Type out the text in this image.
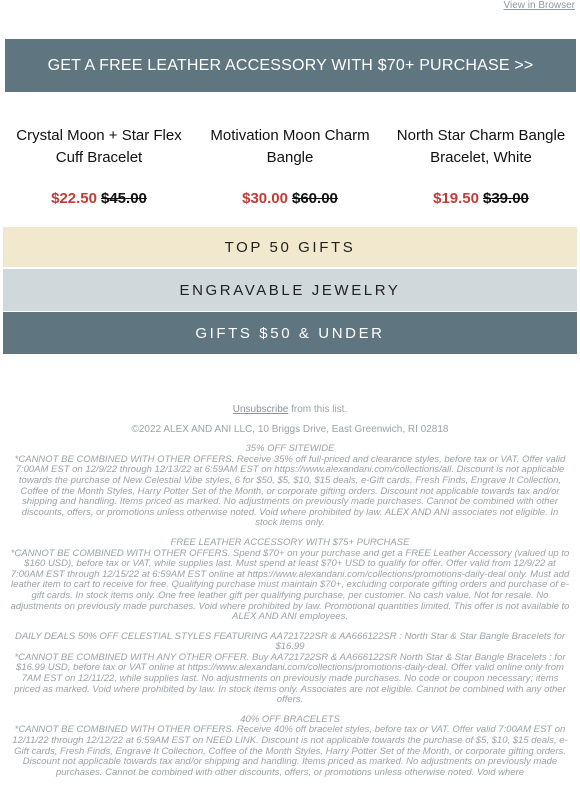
View in Browser
GET A FREE LEATHER ACCESSORY WITH $70+ PURCHASE >>
Crystal Moon + Star Flex Cuff Bracelet
$22.50 $45.00
Motivation Moon Charm Bangle
$30.00 $60.00
North Star Charm Bangle Bracelet, White
$19.50 $39.00
TOP 50 GIFTS
ENGRAVABLE JEWELRY
GIFTS $50 & UNDER

Unsubscribe from this list.

©2022 ALEX AND ANI LLC, 10 Briggs Drive, East Greenwich, RI 02818

35% OFF SITEWIDE
*CANNOT BE COMBINED WITH OTHER OFFERS. Receive 35% off full-priced and clearance styles, before tax or VAT. Offer valid 7:00AM EST on 12/9/22 through 12/13/22 at 6:59AM EST on https://www.alexandani.com/collections/all. Discount is not applicable towards the purchase of New Celestial Vibe styles, 6 for $50, $5, $10, $15 deals, e-Gift cards, Fresh Finds, Engrave It Collection, Coffee of the Month Styles, Harry Potter Set of the Month, or corporate gifting orders. Discount not applicable towards tax and/or shipping and handling. Items priced as marked. No adjustments on previously made purchases. Cannot be combined with other discounts, offers, or promotions unless otherwise noted. Void where prohibited by law. ALEX AND ANI associates not eligible. In stock items only.
FREE LEATHER ACCESSORY WITH $75+ PURCHASE
*CANNOT BE COMBINED WITH OTHER OFFERS. Spend $70+ on your purchase and get a FREE Leather Accessory (valued up to $160 USD), before tax or VAT, while supplies last. Must spend at least $70+ USD to qualify for offer. Offer valid from 12/9/22 at 7:00AM EST through 12/15/22 at 6:59AM EST online at https://www.alexandani.com/collections/promotions-daily-deal only. Must add leather item to cart to receive for free. Qualifying purchase must maintain $70+, excluding corporate gifting orders and purchase of e-gift cards. In stock items only. One free leather gift per qualifying purchase, per customer. No cash value. Not for resale. No adjustments on previously made purchases. Void where prohibited by law. Promotional quantities limited. This offer is not available to ALEX AND ANI employees.
DAILY DEALS 50% OFF CELESTIAL STYLES FEATURING AA721722SR & AA666122SR : North Star & Star Bangle Bracelets for $16.99
*CANNOT BE COMBINED WITH ANY OTHER OFFER. Buy AA721722SR & AA666122SR North Star & Star Bangle Bracelets : for $16.99 USD, before tax or VAT online at https://www.alexandani.com/collections/promotions-daily-deal. Offer valid online only from 7AM EST on 12/11/22, while supplies last. No adjustments on previously made purchases. No code or coupon necessary; items priced as marked. Void where prohibited by law. In stock items only. Associates are not eligible. Cannot be combined with any other offers.
40% OFF BRACELETS
*CANNOT BE COMBINED WITH OTHER OFFERS. Receive 40% off bracelet styles, before tax or VAT. Offer valid 7:00AM EST on 12/11/22 through 12/12/22 at 6:59AM EST on NEED LINK. Discount is not applicable towards the purchase of $5, $10, $15 deals, e-Gift cards, Fresh Finds, Engrave It Collection, Coffee of the Month Styles, Harry Potter Set of the Month, or corporate gifting orders. Discount not applicable towards tax and/or shipping and handling. Items priced as marked. No adjustments on previously made purchases. Cannot be combined with other discounts, offers, or promotions unless otherwise noted. Void where
